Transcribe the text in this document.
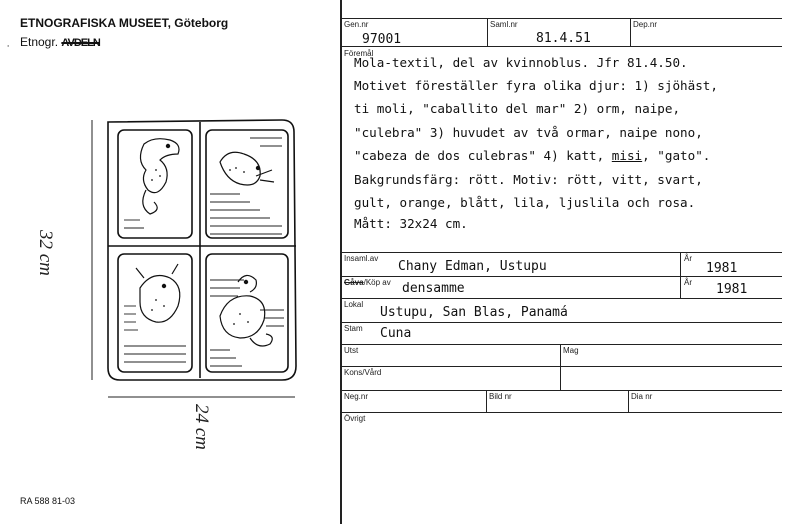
ETNOGRAFISKA MUSEET, Göteborg
Etnogr. AVDELN
'
32 cm
24 cm
RA 588 81-03
Gen.nr
97001
Saml.nr
81.4.51
Dep.nr
Föremål
Mola-textil, del av kvinnoblus. Jfr 81.4.50.
Motivet föreställer fyra olika djur: 1) sjöhäst,
ti moli, "caballito del mar" 2) orm, naipe,
"culebra" 3) huvudet av två ormar, naipe nono,
"cabeza de dos culebras" 4) katt, misi, "gato".
Bakgrundsfärg: rött. Motiv: rött, vitt, svart,
gult, orange, blått, lila, ljuslila och rosa.
Mått: 32x24 cm.
Insaml.av
Chany Edman, Ustupu
År
1981
Gåva/Köp av densamme	År 1981
Lokal
Ustupu, San Blas, Panamá
Stam Cuna
Utst	Mag
Kons/Vård
Neg.nr	Bild nr	Dia nr
Övrigt
